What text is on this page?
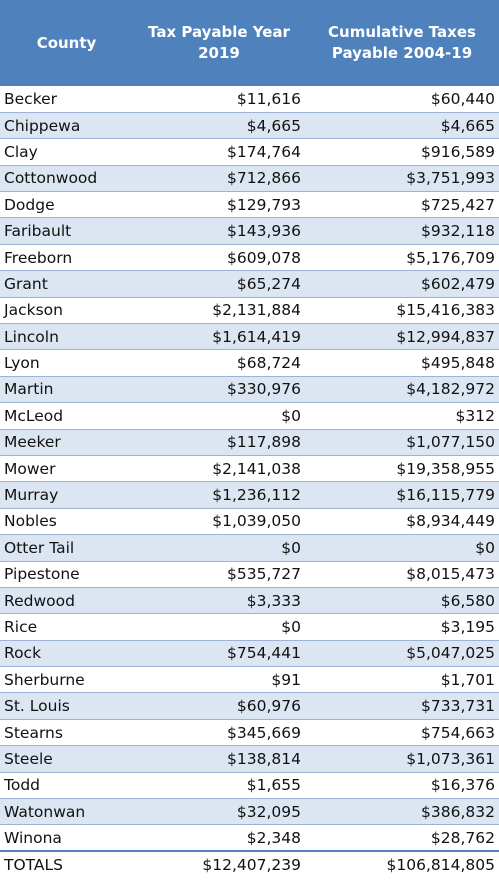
County	Tax Payable Year 2019	Cumulative Taxes Payable 2004-19
Becker	$11,616	$60,440
Chippewa	$4,665	$4,665
Clay	$174,764	$916,589
Cottonwood	$712,866	$3,751,993
Dodge	$129,793	$725,427
Faribault	$143,936	$932,118
Freeborn	$609,078	$5,176,709
Grant	$65,274	$602,479
Jackson	$2,131,884	$15,416,383
Lincoln	$1,614,419	$12,994,837
Lyon	$68,724	$495,848
Martin	$330,976	$4,182,972
McLeod	$0	$312
Meeker	$117,898	$1,077,150
Mower	$2,141,038	$19,358,955
Murray	$1,236,112	$16,115,779
Nobles	$1,039,050	$8,934,449
Otter Tail	$0	$0
Pipestone	$535,727	$8,015,473
Redwood	$3,333	$6,580
Rice	$0	$3,195
Rock	$754,441	$5,047,025
Sherburne	$91	$1,701
St. Louis	$60,976	$733,731
Stearns	$345,669	$754,663
Steele	$138,814	$1,073,361
Todd	$1,655	$16,376
Watonwan	$32,095	$386,832
Winona	$2,348	$28,762
TOTALS	$12,407,239	$106,814,805
